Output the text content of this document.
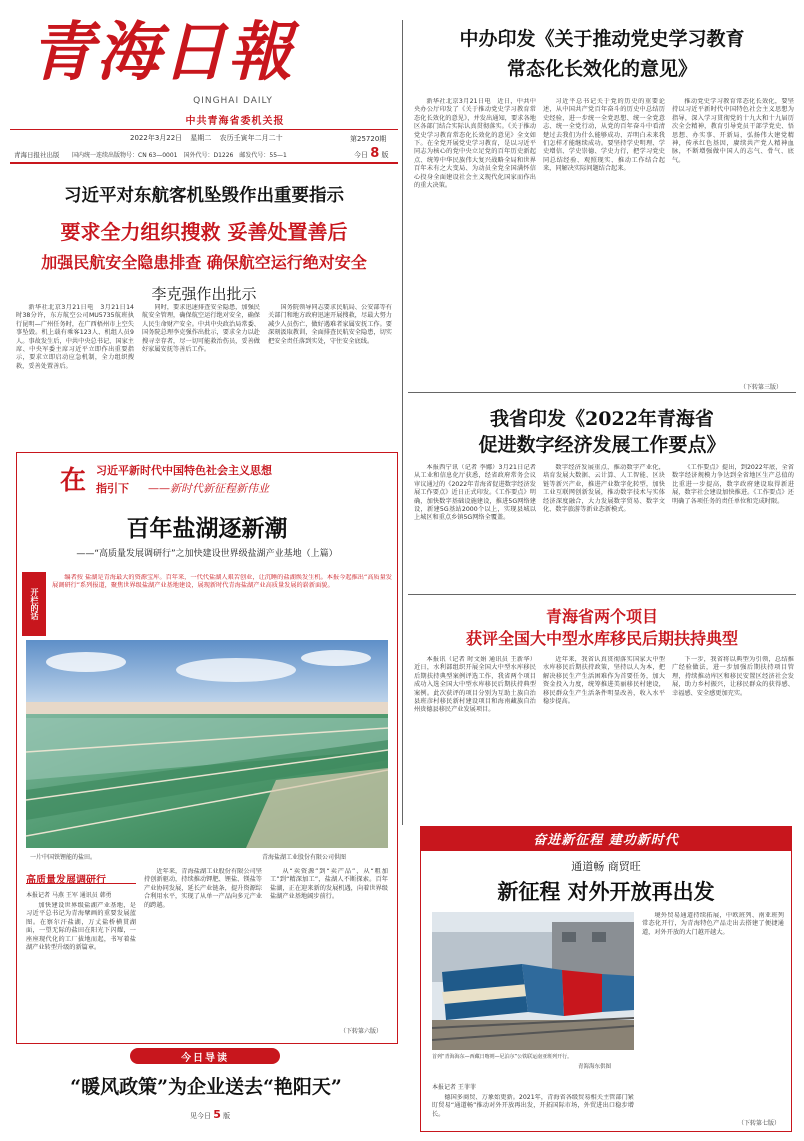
青海日報
QINGHAI DAILY
中共青海省委机关报
2022年3月22日 星期二 农历壬寅年二月二十	第25720期
青海日报社出版 国内统一连续出版物号：CN 63—0001　国外代号：D1226　邮发代号：55—1	今日 8 版
习近平对东航客机坠毁作出重要指示
要求全力组织搜救 妥善处置善后
加强民航安全隐患排查 确保航空运行绝对安全
李克强作出批示

新华社北京3月21日电　3月21日14时38分许，东方航空公司MU5735航班执行昆明—广州任务时，在广西梧州市上空失事坠毁。机上载有乘客123人、机组人员9人。事故发生后，中共中央总书记、国家主席、中央军委主席习近平立即作出重要指示，要求立即启动应急机制，全力组织搜救，妥善处置善后。

同时，要求迅速排查安全隐患，加强民航安全管理，确保航空运行绝对安全，确保人民生命财产安全。中共中央政治局常委、国务院总理李克强作出批示，要求全力以赴搜寻幸存者，尽一切可能救治伤员，妥善做好家属安抚等善后工作。

国务院领导同志要求民航局、公安部等有关部门和地方政府迅速开展搜救，尽最大努力减少人员伤亡，做好遇难者家属安抚工作。要深刻汲取教训，全面排查民航安全隐患，切实把安全责任落到实处，守住安全底线。

中办印发《关于推动党史学习教育
常态化长效化的意见》

新华社北京3月21日电　近日，中共中央办公厅印发了《关于推动党史学习教育常态化长效化的意见》，并发出通知，要求各地区各部门结合实际认真贯彻落实。《关于推动党史学习教育常态化长效化的意见》全文如下。在全党开展党史学习教育，是以习近平同志为核心的党中央立足党的百年历史新起点、统筹中华民族伟大复兴战略全局和世界百年未有之大变局、为动员全党全国满怀信心投身全面建设社会主义现代化国家而作出的重大决策。

习近平总书记关于党的历史的重要论述，从中国共产党百年奋斗的历史中总结历史经验，进一步统一全党思想、统一全党意志、统一全党行动，从党的百年奋斗中看清楚过去我们为什么能够成功、弄明白未来我们怎样才能继续成功。要坚持学史明理、学史增信、学史崇德、学史力行，把学习党史同总结经验、观照现实、推动工作结合起来，同解决实际问题结合起来。

推动党史学习教育常态化长效化，要坚持以习近平新时代中国特色社会主义思想为指导，深入学习贯彻党的十九大和十九届历次全会精神，教育引导党员干部学党史、悟思想、办实事、开新局，弘扬伟大建党精神，传承红色基因，赓续共产党人精神血脉，不断增强做中国人的志气、骨气、底气。

（下转第三版）
我省印发《2022年青海省
促进数字经济发展工作要点》

本报西宁讯（记者 李娜）3月21日记者从工业和信息化厅获悉，经省政府常务会议审议通过的《2022年青海省促进数字经济发展工作要点》近日正式印发。《工作要点》明确，加快数字基础设施建设，推进5G网络建设，新建5G基站2000个以上，实现县城以上城区和重点乡镇5G网络全覆盖。

数字经济发展重点，推动数字产业化，培育发展大数据、云计算、人工智能、区块链等新兴产业，推进产业数字化转型，加快工业互联网创新发展，推动数字技术与实体经济深度融合，大力发展数字贸易、数字文化、数字旅游等新业态新模式。

《工作要点》提出，到2022年底，全省数字经济规模力争达到全省地区生产总值的比重进一步提高，数字政府建设取得新进展，数字社会建设加快推进。《工作要点》还明确了各项任务的责任单位和完成时限。

青海省两个项目
获评全国大中型水库移民后期扶持典型

本报讯（记者 时文娟 通讯员 王新华）近日，水利部组织开展全国大中型水库移民后期扶持典型案例评选工作，我省两个项目成功入选全国大中型水库移民后期扶持典型案例。此次获评的项目分别为互助土族自治县班彦村移民新村建设项目和海南藏族自治州贵德县移民产业发展项目。

近年来，我省认真贯彻落实国家大中型水库移民后期扶持政策，坚持以人为本，把解决移民生产生活困难作为首要任务，加大资金投入力度，统筹推进美丽移民村建设，移民群众生产生活条件明显改善，收入水平稳步提高。

下一步，我省将以典型为引领，总结推广经验做法，进一步加强后期扶持项目管理，持续推动库区和移民安置区经济社会发展，助力乡村振兴，让移民群众的获得感、幸福感、安全感更加充实。

在 习近平新时代中国特色社会主义思想
指引下 ——新时代新征程新伟业
百年盐湖逐新潮
——“高质量发展调研行”之加快建设世界级盐湖产业基地（上篇）
开栏的话

编者按 盐湖是青海最大的资源宝库。百年来，一代代盐湖人艰苦创业，让沉睡的盐湖焕发生机。本报今起推出“高质量发展调研行”系列报道，聚焦世界级盐湖产业基地建设，展现新时代青海盐湖产业高质量发展的崭新面貌。

一片中国铁锂能的盐田。	青海盐湖工业股份有限公司供图
高质量发展调研行
本报记者 马燕 王军 通讯员 韩勇

加快建设世界级盐湖产业基地，是习近平总书记为青海擘画的重要发展蓝图。在察尔汗盐湖，万丈盐桥横贯湖面，一望无际的盐田在阳光下闪耀，一座座现代化的工厂拔地而起，书写着盐湖产业转型升级的新篇章。

近年来，青海盐湖工业股份有限公司坚持创新驱动，持续推动钾肥、锂盐、镁盐等产业协同发展，延长产业链条，提升资源综合利用水平，实现了从单一产品向多元产业的跨越。

从“卖资源”到“卖产品”，从“粗加工”到“精深加工”，盐湖人不断探索。百年盐湖，正在迎来新的发展机遇，向着世界级盐湖产业基地阔步前行。

（下转第六版）
奋进新征程 建功新时代
通道畅 商贸旺
新征程 对外开放再出发
首列“青海海东—西藏日喀则—尼泊尔”公铁联运南亚班列开行。
青海海东供图
本报记者 王菲菲

德国多商贸、万象始更新。2021年，青海省各级贸易相关主管部门紧盯贸易“通道畅”推动对外开放再出发，开拓国际市场，外贸进出口稳步增长。

境外贸易通道持续拓展，中欧班列、南亚班列常态化开行，为青海特色产品走出去搭建了便捷通道，对外开放的大门越开越大。

（下转第七版）
今日导读
“暖风政策”为企业送去“艳阳天”
见今日 5 版
